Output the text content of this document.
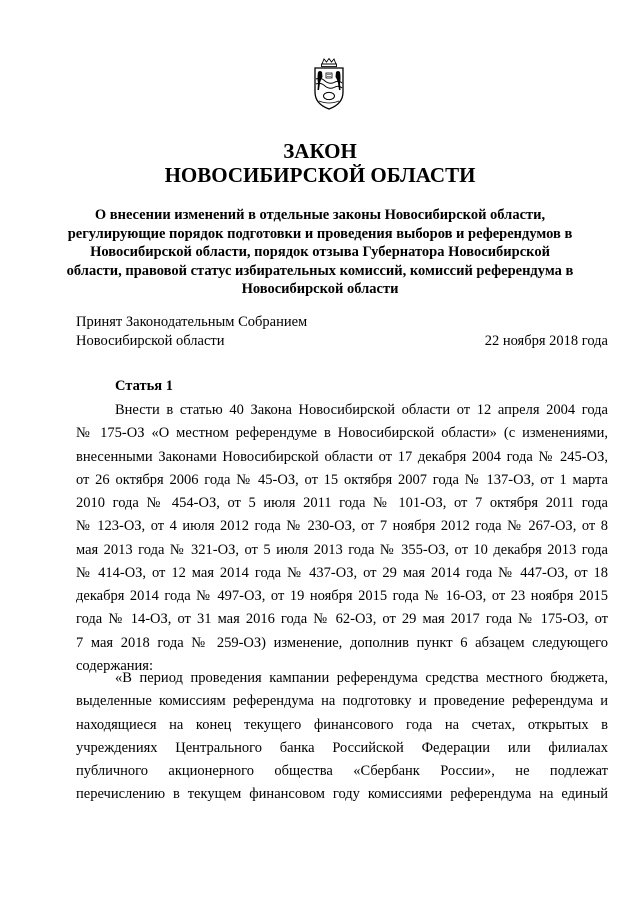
ЗАКОН
НОВОСИБИРСКОЙ ОБЛАСТИ
О внесении изменений в отдельные законы Новосибирской области,
регулирующие порядок подготовки и проведения выборов и референдумов в
Новосибирской области, порядок отзыва Губернатора Новосибирской
области, правовой статус избирательных комиссий, комиссий референдума в
Новосибирской области
Принят Законодательным Собранием
Новосибирской области	22 ноября 2018 года
Статья 1
Внести в статью 40 Закона Новосибирской области от 12 апреля 2004 года
№ 175-ОЗ «О местном референдуме в Новосибирской области» (с изменениями,
внесенными Законами Новосибирской области от 17 декабря 2004 года № 245-ОЗ,
от 26 октября 2006 года № 45-ОЗ, от 15 октября 2007 года № 137-ОЗ, от 1 марта
2010 года № 454-ОЗ, от 5 июля 2011 года № 101-ОЗ, от 7 октября 2011 года
№ 123-ОЗ, от 4 июля 2012 года № 230-ОЗ, от 7 ноября 2012 года № 267-ОЗ, от 8
мая 2013 года № 321-ОЗ, от 5 июля 2013 года № 355-ОЗ, от 10 декабря 2013 года
№ 414-ОЗ, от 12 мая 2014 года № 437-ОЗ, от 29 мая 2014 года № 447-ОЗ, от 18
декабря 2014 года № 497-ОЗ, от 19 ноября 2015 года № 16-ОЗ, от 23 ноября 2015
года № 14-ОЗ, от 31 мая 2016 года № 62-ОЗ, от 29 мая 2017 года № 175-ОЗ, от
7 мая 2018 года № 259-ОЗ) изменение, дополнив пункт 6 абзацем следующего
содержания:
«В период проведения кампании референдума средства местного бюджета,
выделенные комиссиям референдума на подготовку и проведение референдума и
находящиеся на конец текущего финансового года на счетах, открытых в
учреждениях Центрального банка Российской Федерации или филиалах
публичного акционерного общества «Сбербанк России», не подлежат
перечислению в текущем финансовом году комиссиями референдума на единый
